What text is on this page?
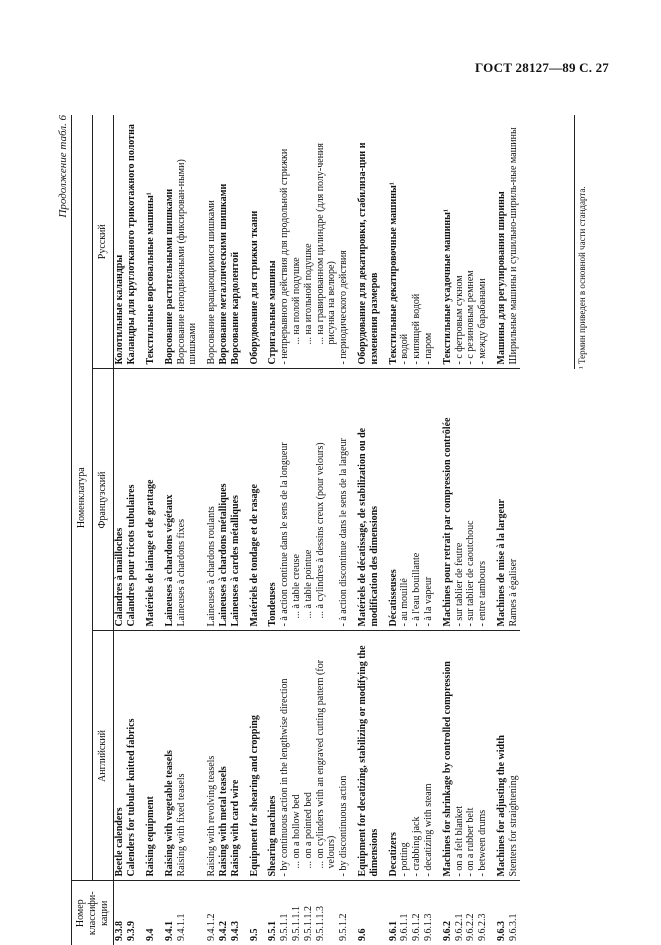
ГОСТ 28127—89 С. 27
Продолжение табл. 6
Номер классифи-кации	Номенклатура		
	Английский	Французский	Русский
9.3.8	Beetle calenders	Calandres à mailloches	Колотильные каландры
9.3.9	Calenders for tubular knitted fabrics	Calandres pour tricots tubulaires	Каландры для круглотканого трикотажного полотна
9.4	Raising equipment	Matériels de lainage et de grattage	Текстильные ворсовальные машины¹
9.4.1	Raising with vegetable teasels	Laineuses à chardons végétaux	Ворсование растительными шишками
9.4.1.1	Raising with fixed teasels	Laineuses à chardons fixes	Ворсование неподвижными (фиксирован-ными) шишками
9.4.1.2	Raising with revolving teasels	Laineuses à chardons roulants	Ворсование вращающимися шишками
9.4.2	Raising with metal teasels	Laineuses à chardons métalliques	Ворсование металлическими шишками
9.4.3	Raising with card wire	Laineuses à cardes métalliques	Ворсование кардолентой
9.5	Equipment for shearing and cropping	Matériels de tondage et de rasage	Оборудование для стрижки ткани
9.5.1	Shearing machines	Tondeuses	Стригальные машины
9.5.1.1	- by continuous action in the lengthwise direction	- à action continue dans le sens de la longueur	- непрерывного действия для продольной стрижки
9.5.1.1.1	... on a hollow bed	... à table creuse	... на полой подушке
9.5.1.1.2	... on a pointed bed	... à table pointue	... на игольной подушке
9.5.1.1.3	... on cylinders with an engraved cutting pattern (for velours)	... à cylindres à dessins creux (pour velours)	... на гравированном цилиндре (для полу-чения рисунка на велюре)
9.5.1.2	- by discontinuous action	- à action discontinue dans le sens de la largeur	- периодического действия
9.6	Equipment for decatizing, stabilizing or modifying the dimensions	Matériels de décatissage, de stabilization ou de modification des dimensions	Оборудование для декатировки, стабилиза-ции и изменения размеров
9.6.1	Decatizers	Décatisseuses	Текстильные декатировочные машины¹
9.6.1.1	- potting	- au mouillé	- водой
9.6.1.2	- crabbing jack	- à l'eau bouillante	- кипящей водой
9.6.1.3	- decatizing with steam	- à la vapeur	- паром
9.6.2	Machines for shrinkage by controlled compression	Machines pour retrait par compression contrôlée	Текстильные усадочные машины¹
9.6.2.1	- on a felt blanket	- sur tablier de feutre	- с фетровым сукном
9.6.2.2	- on a rubber belt	- sur tablier de caoutchouc	- с резиновым ремнем
9.6.2.3	- between drums	- entre tambours	- между барабанами
9.6.3	Machines for adjusting the width	Machines de mise à la largeur	Машины для регулирования ширины
9.6.3.1	Stenters for straightening	Rames à égaliser	Ширильные машины и сушильно-шириль-ные машины	¹ Термин приведен в основной части стандарта.
